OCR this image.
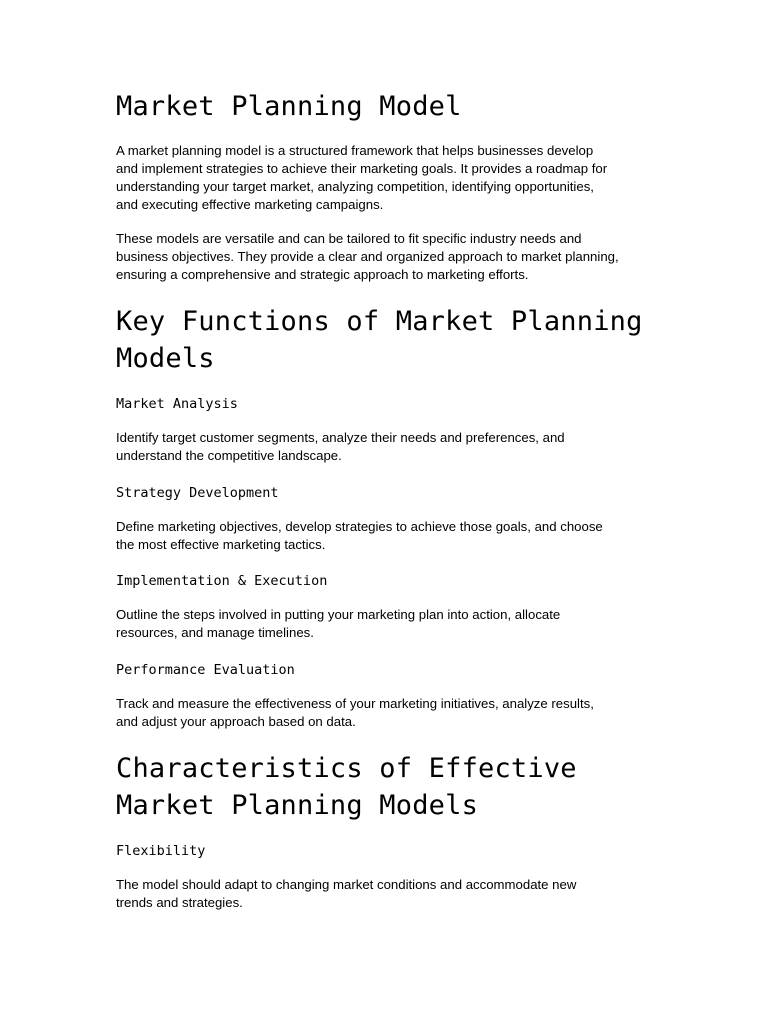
Market Planning Model

A market planning model is a structured framework that helps businesses develop
and implement strategies to achieve their marketing goals. It provides a roadmap for
understanding your target market, analyzing competition, identifying opportunities,
and executing effective marketing campaigns.

These models are versatile and can be tailored to fit specific industry needs and
business objectives. They provide a clear and organized approach to market planning,
ensuring a comprehensive and strategic approach to marketing efforts.

Key Functions of Market Planning
Models
Market Analysis

Identify target customer segments, analyze their needs and preferences, and
understand the competitive landscape.

Strategy Development

Define marketing objectives, develop strategies to achieve those goals, and choose
the most effective marketing tactics.

Implementation & Execution

Outline the steps involved in putting your marketing plan into action, allocate
resources, and manage timelines.

Performance Evaluation

Track and measure the effectiveness of your marketing initiatives, analyze results,
and adjust your approach based on data.

Characteristics of Effective
Market Planning Models
Flexibility

The model should adapt to changing market conditions and accommodate new
trends and strategies.
